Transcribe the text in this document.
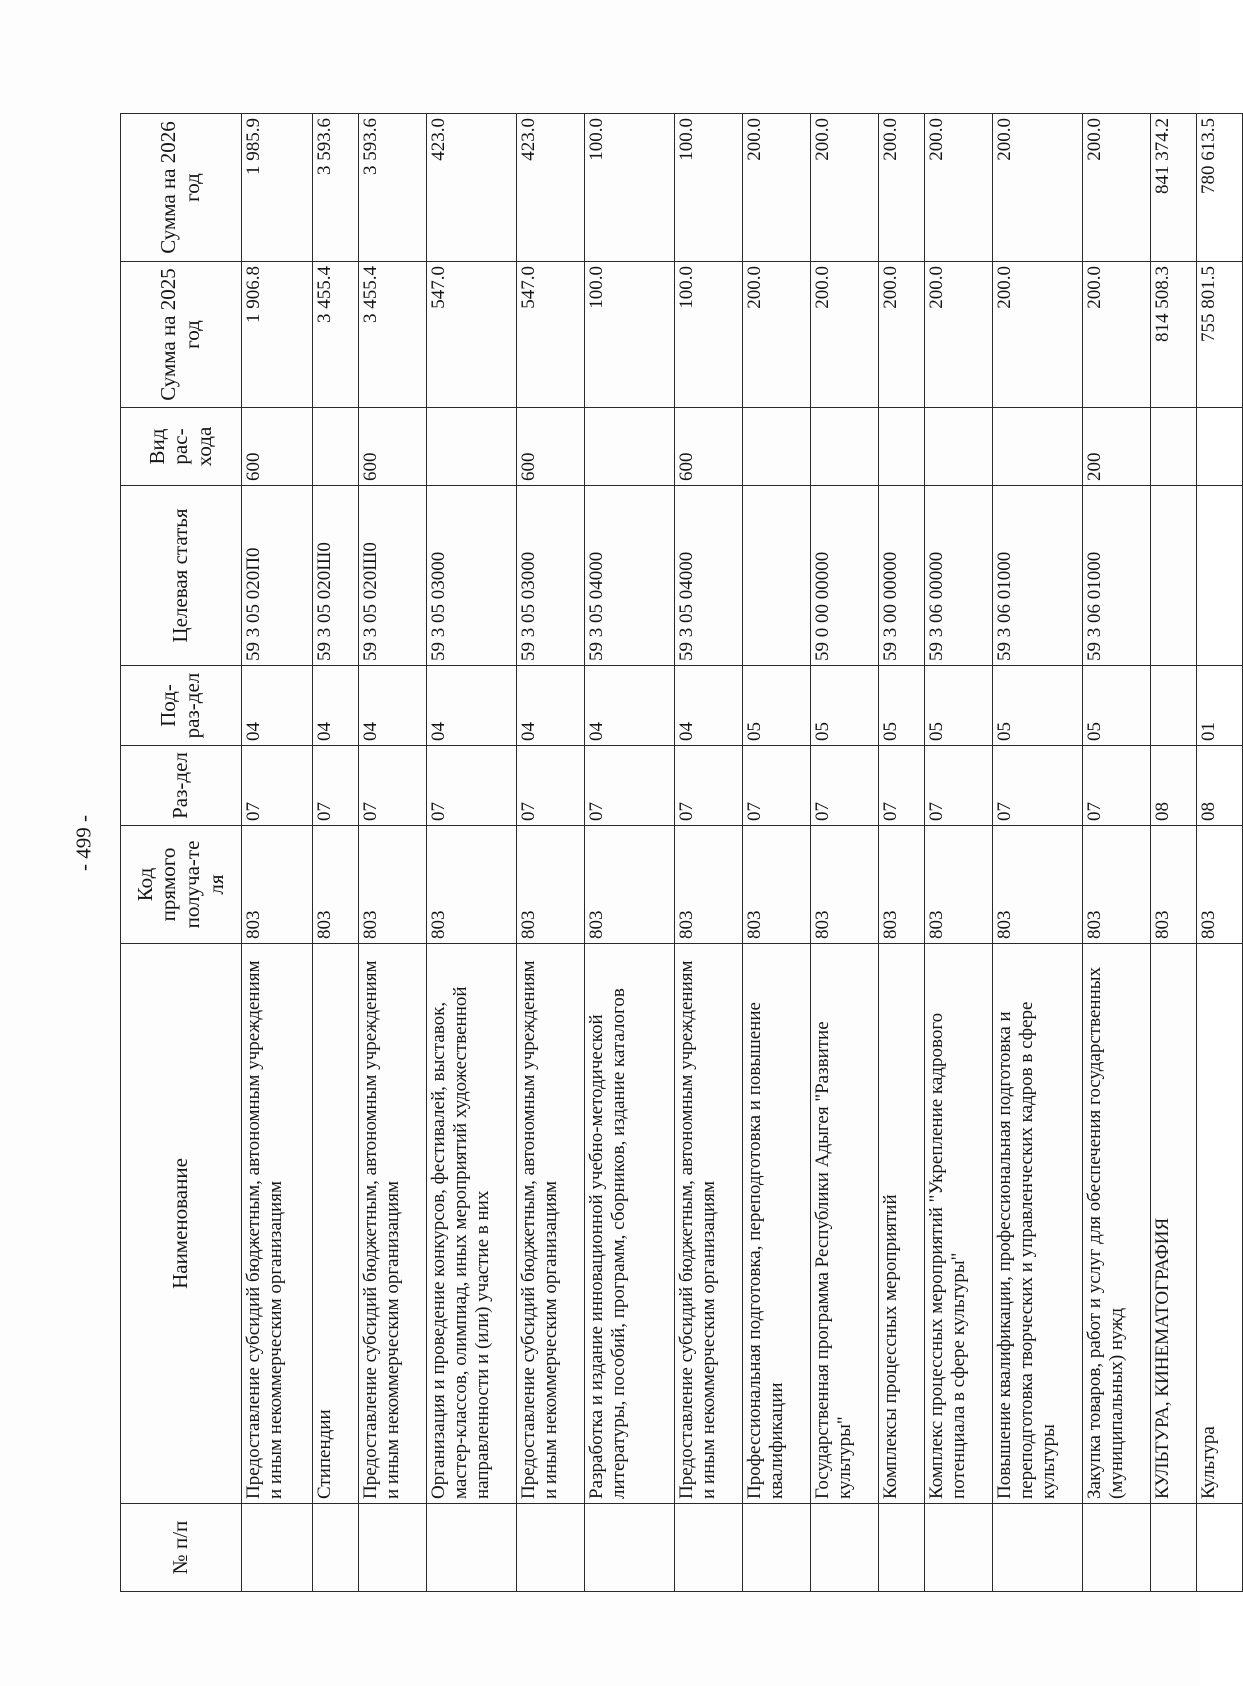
- 499 -
№ п/п	Наименование	Код прямого получа-те ля	Раз-дел	Под-раз-дел	Целевая статья	Вид рас-хода	Сумма на 2025 год	Сумма на 2026 год
	Предоставление субсидий бюджетным, автономным учреждениям и иным некоммерческим организациям	803	07	04	59 3 05 020П0	600	1 906.8	1 985.9
	Стипендии	803	07	04	59 3 05 020Ш0		3 455.4	3 593.6
	Предоставление субсидий бюджетным, автономным учреждениям и иным некоммерческим организациям	803	07	04	59 3 05 020Ш0	600	3 455.4	3 593.6
	Организация и проведение конкурсов, фестивалей, выставок, мастер-классов, олимпиад, иных мероприятий художественной направленности и (или) участие в них	803	07	04	59 3 05 03000		547.0	423.0
	Предоставление субсидий бюджетным, автономным учреждениям и иным некоммерческим организациям	803	07	04	59 3 05 03000	600	547.0	423.0
	Разработка и издание инновационной учебно-методической литературы, пособий, программ, сборников, издание каталогов	803	07	04	59 3 05 04000		100.0	100.0
	Предоставление субсидий бюджетным, автономным учреждениям и иным некоммерческим организациям	803	07	04	59 3 05 04000	600	100.0	100.0
	Профессиональная подготовка, переподготовка и повышение квалификации	803	07	05			200.0	200.0
	Государственная программа Республики Адыгея "Развитие культуры"	803	07	05	59 0 00 00000		200.0	200.0
	Комплексы процессных мероприятий	803	07	05	59 3 00 00000		200.0	200.0
	Комплекс процессных мероприятий "Укрепление кадрового потенциала в сфере культуры"	803	07	05	59 3 06 00000		200.0	200.0
	Повышение квалификации, профессиональная подготовка и переподготовка творческих и управленческих кадров в сфере культуры	803	07	05	59 3 06 01000		200.0	200.0
	Закупка товаров, работ и услуг для обеспечения государственных (муниципальных) нужд	803	07	05	59 3 06 01000	200	200.0	200.0
	КУЛЬТУРА, КИНЕМАТОГРАФИЯ	803	08				814 508.3	841 374.2
	Культура	803	08	01			755 801.5	780 613.5
